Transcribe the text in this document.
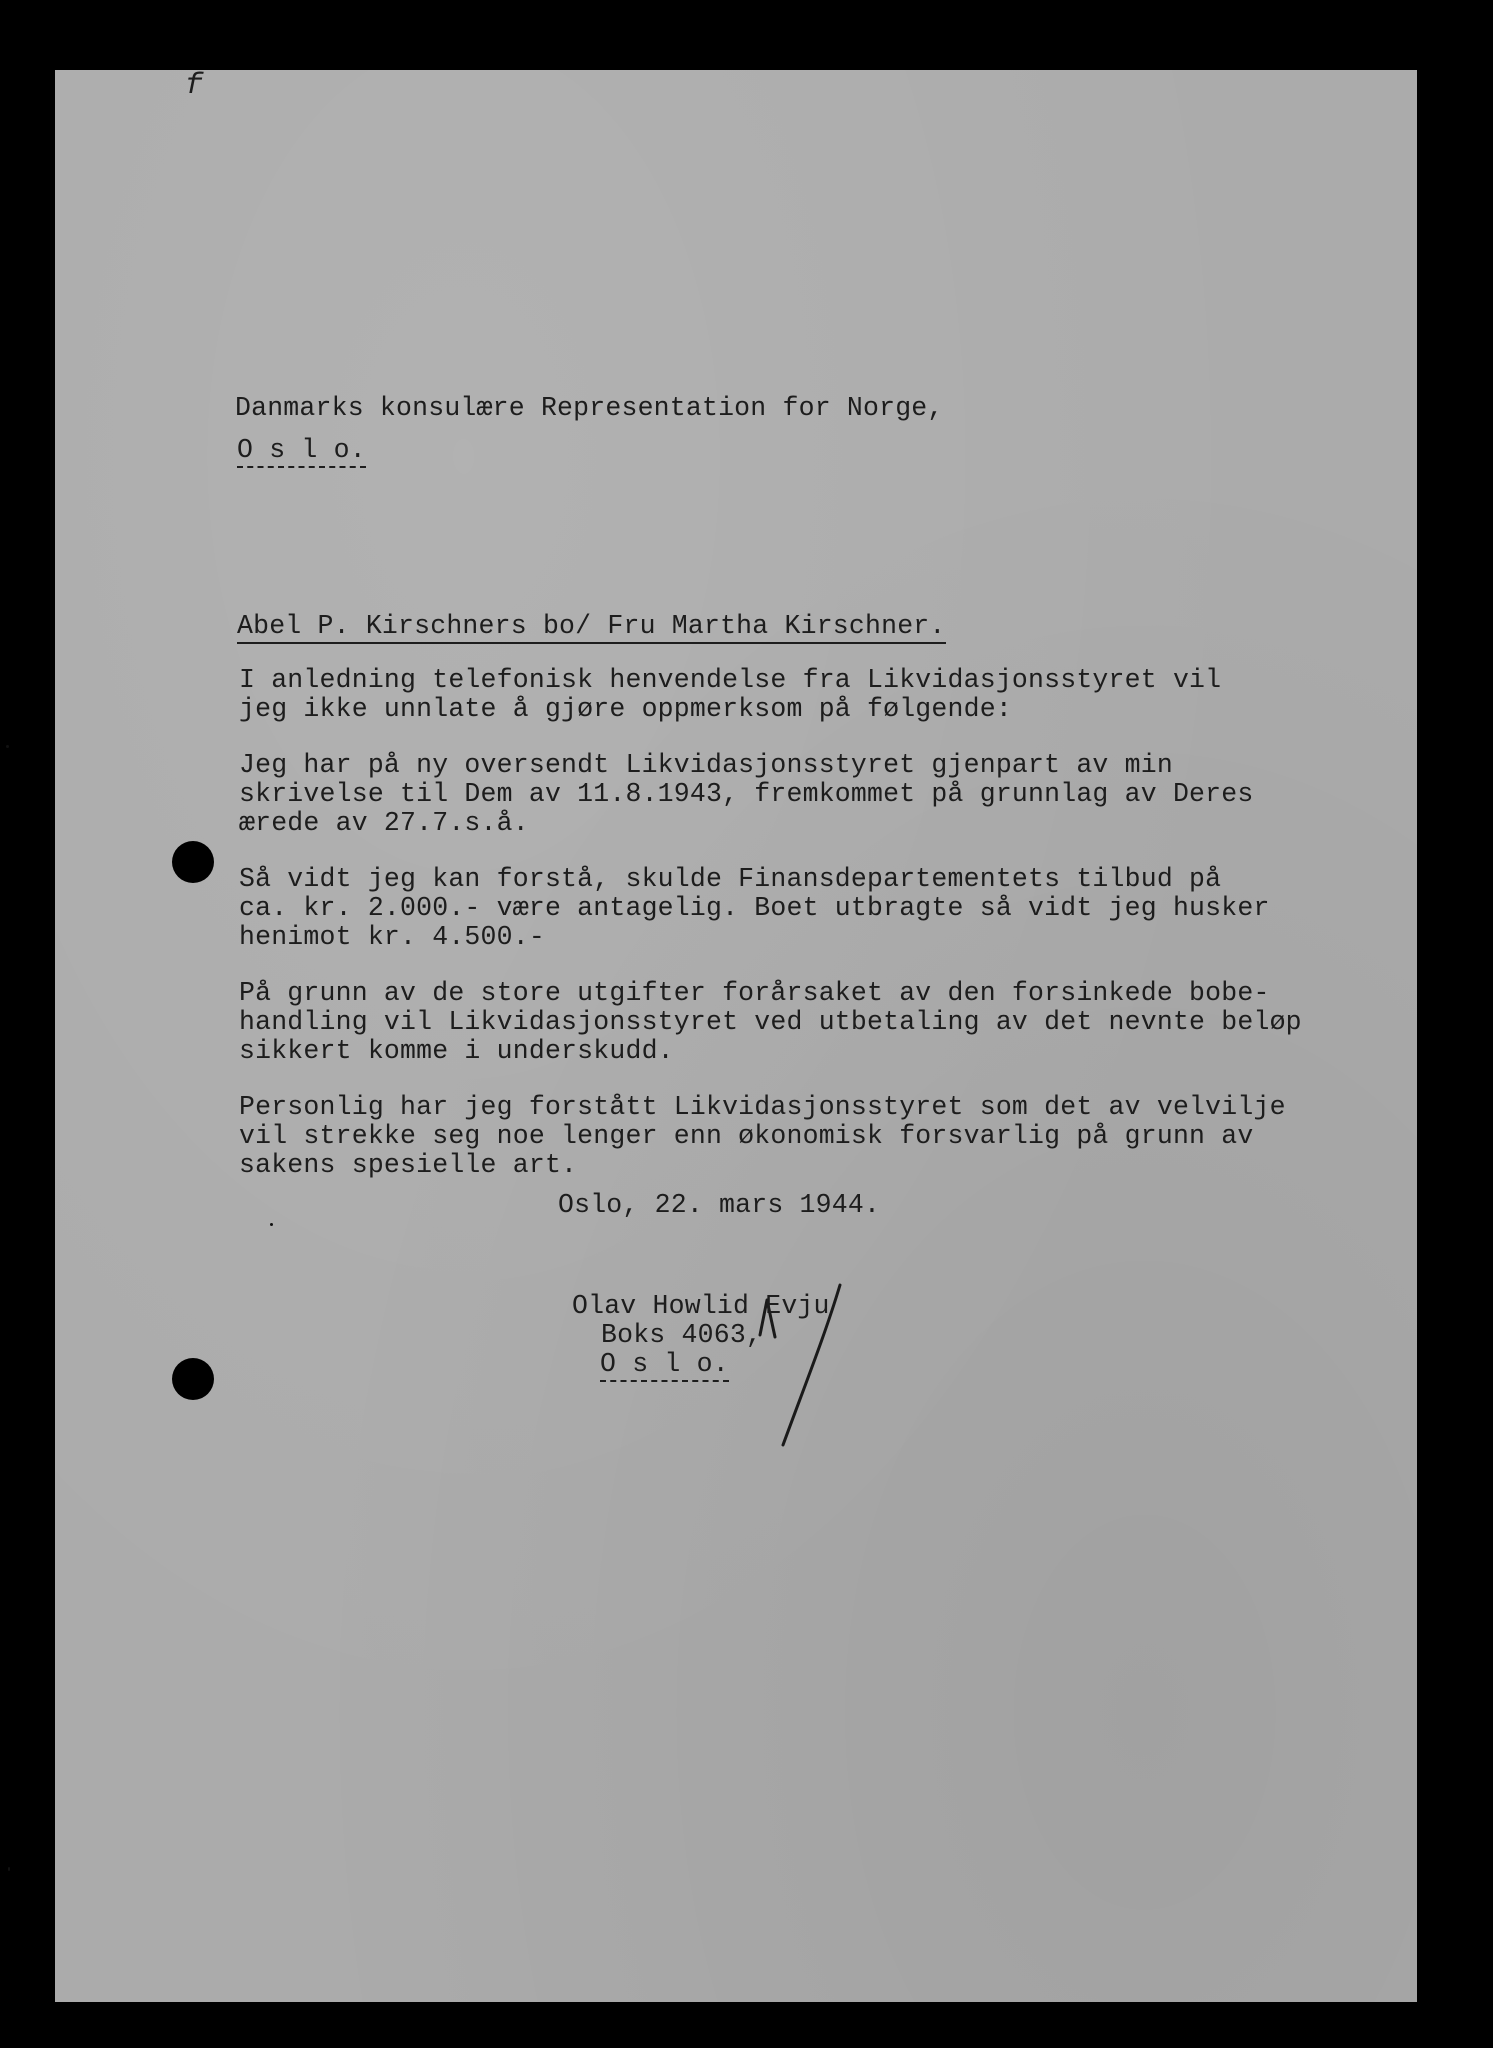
f
Danmarks konsulære Representation for Norge,
O s l o.
Abel P. Kirschners bo/ Fru Martha Kirschner.
I anledning telefonisk henvendelse fra Likvidasjonsstyret vil
jeg ikke unnlate å gjøre oppmerksom på følgende:
Jeg har på ny oversendt Likvidasjonsstyret gjenpart av min
skrivelse til Dem av 11.8.1943, fremkommet på grunnlag av Deres
ærede av 27.7.s.å.
Så vidt jeg kan forstå, skulde Finansdepartementets tilbud på
ca. kr. 2.000.- være antagelig. Boet utbragte så vidt jeg husker
henimot kr. 4.500.-
På grunn av de store utgifter forårsaket av den forsinkede bobe-
handling vil Likvidasjonsstyret ved utbetaling av det nevnte beløp
sikkert komme i underskudd.
Personlig har jeg forstått Likvidasjonsstyret som det av velvilje
vil strekke seg noe lenger enn økonomisk forsvarlig på grunn av
sakens spesielle art.
Oslo, 22. mars 1944.
Olav Howlid Evju
Boks 4063,
O s l o.
